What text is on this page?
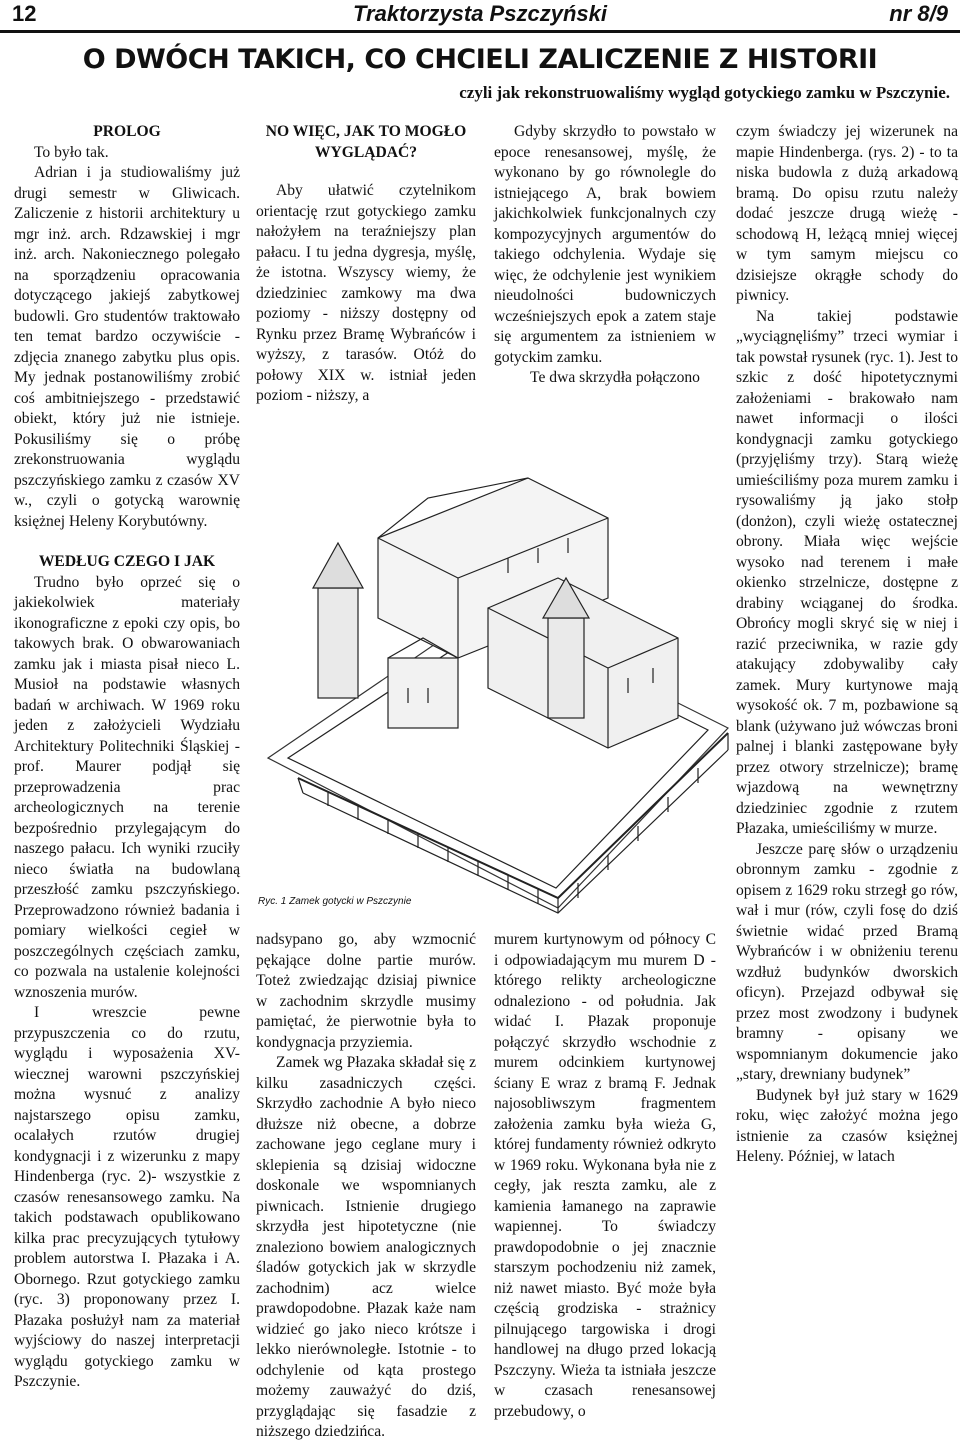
12	Traktorzysta Pszczyński	nr 8/9
O DWÓCH TAKICH, CO CHCIELI ZALICZENIE Z HISTORII
czyli jak rekonstruowaliśmy wygląd gotyckiego zamku w Pszczynie.

PROLOG

To było tak.

Adrian i ja studiowaliśmy już drugi semestr w Gliwicach. Zaliczenie z historii architektury u mgr inż. arch. Rdzawskiej i mgr inż. arch. Nakoniecznego polegało na sporządzeniu opracowania dotyczącego jakiejś zabytkowej budowli. Gro studentów traktowało ten temat bardzo oczywiście - zdjęcia znanego zabytku plus opis. My jednak postanowiliśmy zrobić coś ambitniejszego - przedstawić obiekt, który już nie istnieje. Pokusiliśmy się o próbę zrekonstruowania wyglądu pszczyńskiego zamku z czasów XV w., czyli o gotycką warownię księżnej Heleny Korybutówny.

WEDŁUG CZEGO I JAK

Trudno było oprzeć się o jakiekolwiek materiały ikonograficzne z epoki czy opis, bo takowych brak. O obwarowaniach zamku jak i miasta pisał nieco L. Musioł na podstawie własnych badań w archiwach. W 1969 roku jeden z założycieli Wydziału Architektury Politechniki Śląskiej - prof. Maurer podjął się przeprowadzenia prac archeologicznych na terenie bezpośrednio przylegającym do naszego pałacu. Ich wyniki rzuciły nieco światła na budowlaną przeszłość zamku pszczyńskiego. Przeprowadzono również badania i pomiary wielkości cegieł w poszczególnych częściach zamku, co pozwala na ustalenie kolejności wznoszenia murów.

I wreszcie pewne przypuszczenia co do rzutu, wyglądu i wyposażenia XV-wiecznej warowni pszczyńskiej można wysnuć z analizy najstarszego opisu zamku, ocalałych rzutów drugiej kondygnacji i z wizerunku z mapy Hindenberga (ryc. 2)- wszystkie z czasów renesansowego zamku. Na takich podstawach opublikowano kilka prac precyzujących tytułowy problem autorstwa I. Płazaka i A. Obornego. Rzut gotyckiego zamku (ryc. 3) proponowany przez I. Płazaka posłużył nam za materiał wyjściowy do naszej interpretacji wyglądu gotyckiego zamku w Pszczynie.

NO WIĘC, JAK TO MOGŁO WYGLĄDAĆ?

Aby ułatwić czytelnikom orientację rzut gotyckiego zamku nałożyłem na teraźniejszy plan pałacu. I tu jedna dygresja, myślę, że istotna. Wszyscy wiemy, że dziedziniec zamkowy ma dwa poziomy - niższy dostępny od Rynku przez Bramę Wybrańców i wyższy, z tarasów. Otóż do połowy XIX w. istniał jeden poziom - niższy, a

Gdyby skrzydło to powstało w epoce renesansowej, myślę, że wykonano by go równolegle do istniejącego A, brak bowiem jakichkolwiek funkcjonalnych czy kompozycyjnych argumentów do takiego odchylenia. Wydaje się więc, że odchylenie jest wynikiem nieudolności budowniczych wcześniejszych epok a zatem staje się argumentem za istnieniem w gotyckim zamku.

Te dwa skrzydła połączono

Ryc. 1 Zamek gotycki w Pszczynie

nadsypano go, aby wzmocnić pękające dolne partie murów. Toteż zwiedzając dzisiaj piwnice w zachodnim skrzydle musimy pamiętać, że pierwotnie była to kondygnacja przyziemia.

Zamek wg Płazaka składał się z kilku zasadniczych części. Skrzydło zachodnie A było nieco dłuższe niż obecne, a dobrze zachowane jego ceglane mury i sklepienia są dzisiaj widoczne doskonale we wspomnianych piwnicach. Istnienie drugiego skrzydła jest hipotetyczne (nie znaleziono bowiem analogicznych śladów gotyckich jak w skrzydle zachodnim) acz wielce prawdopodobne. Płazak każe nam widzieć go jako nieco krótsze i lekko nierównoległe. Istotnie - to odchylenie od kąta prostego możemy zauważyć do dziś, przyglądając się fasadzie z niższego dziedzińca.

murem kurtynowym od północy C i odpowiadającym mu murem D - którego relikty archeologiczne odnaleziono - od południa. Jak widać I. Płazak proponuje połączyć skrzydło wschodnie z murem odcinkiem kurtynowej ściany E wraz z bramą F. Jednak najosobliwszym fragmentem założenia zamku była wieża G, której fundamenty również odkryto w 1969 roku. Wykonana była nie z cegły, jak reszta zamku, ale z kamienia łamanego na zaprawie wapiennej. To świadczy prawdopodobnie o jej znacznie starszym pochodzeniu niż zamek, niż nawet miasto. Być może była częścią grodziska - strażnicy pilnującego targowiska i drogi handlowej na długo przed lokacją Pszczyny. Wieża ta istniała jeszcze w czasach renesansowej przebudowy, o

czym świadczy jej wizerunek na mapie Hindenberga. (rys. 2) - to ta niska budowla z dużą arkadową bramą. Do opisu rzutu należy dodać jeszcze drugą wieżę - schodową H, leżącą mniej więcej w tym samym miejscu co dzisiejsze okrągłe schody do piwnicy.

Na takiej podstawie „wyciągnęliśmy” trzeci wymiar i tak powstał rysunek (ryc. 1). Jest to szkic z dość hipotetycznymi założeniami - brakowało nam nawet informacji o ilości kondygnacji zamku gotyckiego (przyjęliśmy trzy). Starą wieżę umieściliśmy poza murem zamku i rysowaliśmy ją jako stołp (donżon), czyli wieżę ostatecznej obrony. Miała więc wejście wysoko nad terenem i małe okienko strzelnicze, dostępne z drabiny wciąganej do środka. Obrońcy mogli skryć się w niej i razić przeciwnika, w razie gdy atakujący zdobywaliby cały zamek. Mury kurtynowe mają wysokość ok. 7 m, pozbawione są blank (używano już wówczas broni palnej i blanki zastępowane były przez otwory strzelnicze); bramę wjazdową na wewnętrzny dziedziniec zgodnie z rzutem Płazaka, umieściliśmy w murze.

Jeszcze parę słów o urządzeniu obronnym zamku - zgodnie z opisem z 1629 roku strzegł go rów, wał i mur (rów, czyli fosę do dziś świetnie widać przed Bramą Wybrańców i w obniżeniu terenu wzdłuż budynków dworskich oficyn). Przejazd odbywał się przez most zwodzony i budynek bramny - opisany we wspomnianym dokumencie jako „stary, drewniany budynek”

Budynek był już stary w 1629 roku, więc założyć można jego istnienie za czasów księżnej Heleny. Później, w latach
